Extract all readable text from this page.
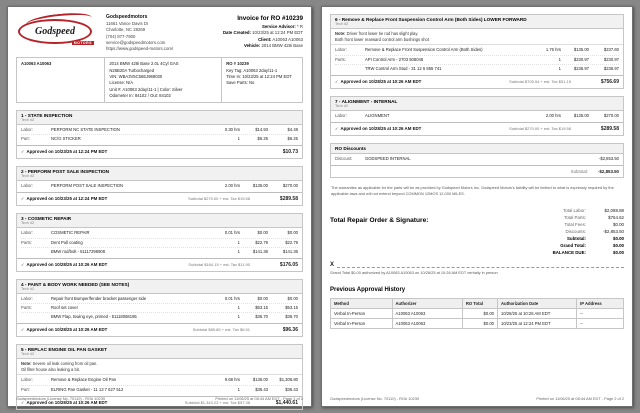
Godspeed
MOTORS
Godspeedmotors
11661 Vance Davis Dr
Charlotte, NC 28269
(704) 877-7900
service@godspeedmotors.com
https://www.godspeed-motors.com/
Invoice for RO #10239
Service Advisor: * R
Date Created: 10/23/25 at 12:24 PM EDT
Client: A10063 A10063
Vehicle: 2014 BMW 428i Base
A10063 A10063	2014 BMW 428i Base 2.0L 4Cyl GAS
N26B20A Turbocharged
VIN: WBA3V5C56EJ969030
License: N/A
Unit #: A10063 2day/11-1 | Color: Silver
Odometer In: 84102 / Out: 84102
RO # 10239
Key Tag: A10063 2day/11-1
Time In: 10/23/25 at 12:24 PM EDT
Save Parts: No
1 - STATE INSPECTION
Tech #2
Labor:	PERFORM NC STATE INSPECTION	0.30 hrs	$14.93	$4.48
Part:	NC/G STICKER	1	$6.25	$6.25
✓ Approved on 10/23/25 at 12:24 PM EDT	$10.73
2 - PERFORM POST SALE INSPECTION
Tech #2
Labor:	PERFORM POST SALE INSPECTION	2.00 hrs	$135.00	$270.00
✓ Approved on 10/23/25 at 12:24 PM EDT	Subtotal $270.00 + est. Tax $19.58	$289.58
3 - COSMETIC REPAIR
Tech #2
Labor:	COSMETIC REPAIR	0.01 hrs	$0.00	$0.00
Parts:	Dent Pull coating	1	$22.79	$22.79
BMW rod/bolt - 51117298908	1	$141.36	$141.36
✓ Approved on 10/28/25 at 10:26 AM EDT	Subtotal $164.15 + est. Tax $11.90	$176.05
4 - PAINT & BODY WORK NEEDED (SEE NOTES)
Tech #2
Labor:	Repair front Bumper/fender bracket passenger side	0.01 hrs	$0.00	$0.00
Parts:	Roof set cover	1	$53.15	$53.15
BMW Flap, towing eye, primed - 51118068195	1	$36.70	$36.70
✓ Approved on 10/28/25 at 10:26 AM EDT	Subtotal $89.85 + est. Tax $6.51	$96.36
5 - REPLAC ENGINE OIL PAN GASKET
Tech #2
Note: Severe oil leak coming from oil pan.
Oil filter house also leaking a bit.
Labor:	Remove & Replace Engine Oil Pan	9.68 hrs	$135.00	$1,306.80
Part:	ELRING Pan Gasket - 11 13 7 627 512	1	$36.43	$36.43
✓ Approved on 10/28/25 at 10:26 AM EDT	Subtotal $1,343.23 + est. Tax $97.38	$1,440.61
Godspeedmotors (License No. 70110) - RO# 10239	Printed on 11/06/25 at 08:44 AM EDT - Page 1 of 2
6 - Remove & Replace Front Suspension Control Arm (Both Sides) LOWER FORWARD
Tech #2
Note: Driver front lower tie rod has slight play.
Both front lower rearward control arm bushings shot
Labor:	Remove & Replace Front Suspension Control Arm (Both Sides)	1.76 hrs	$135.00	$237.60
Parts:	API Control Arm - 2703 508048	1	$230.97	$230.97
TRW Control Arm Stud - 31 12 6 855 741	1	$236.97	$236.97
✓ Approved on 10/28/25 at 10:26 AM EDT	Subtotal $705.54 + est. Tax $51.15	$756.69
7 - ALIGNMENT - INTERNAL
Tech #2
Labor:	ALIGNMENT	2.00 hrs	$135.00	$270.00
✓ Approved on 10/28/25 at 10:26 AM EDT	Subtotal $270.00 + est. Tax $19.58	$289.58
RO Discounts
Discount:	GODSPEED INTERNAL	-$2,853.50
Subtotal: -$2,853.50
The warranties as applicable for the parts will be as provided by Godspeed Motors Inc. Godspeed Motors's liability will be limited to what is expressly required by the applicable laws and will not extend beyond COMMON 12MOS 12,000 MILES.
Total Repair Order & Signature:
Total Labor:	$2,088.88
Total Parts:	$764.62
Total Fees:	$0.00
Discounts:	-$2,853.50
Subtotal:	$0.00
Grand Total:	$0.00
BALANCE DUE:	$0.00
X
Grand Total $0.00 authorized by A10063 A10063 on 10/28/25 at 10:26 AM EDT verbally in person
Previous Approval History
Method	Authorizer	RO Total	Authorization Date	IP Address
Verbal In-Person	A10063 A10063	$0.00	10/28/25 at 10:26 AM EDT	--
Verbal In-Person	A10063 A10063	$0.00	10/23/25 at 12:24 PM EDT	--
Godspeedmotors (License No. 70110) - RO# 10239	Printed on 11/06/25 at 08:44 AM EDT - Page 2 of 2
